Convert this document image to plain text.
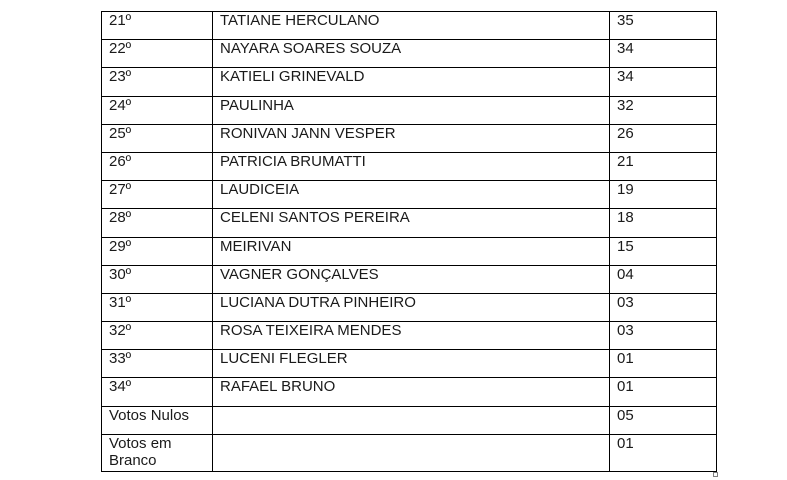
21º	TATIANE HERCULANO	35
22º	NAYARA SOARES SOUZA	34
23º	KATIELI GRINEVALD	34
24º	PAULINHA	32
25º	RONIVAN JANN VESPER	26
26º	PATRICIA BRUMATTI	21
27º	LAUDICEIA	19
28º	CELENI SANTOS PEREIRA	18
29º	MEIRIVAN	15
30º	VAGNER GONÇALVES	04
31º	LUCIANA DUTRA PINHEIRO	03
32º	ROSA TEIXEIRA MENDES	03
33º	LUCENI FLEGLER	01
34º	RAFAEL BRUNO	01
Votos Nulos		05
Votos em Branco		01
